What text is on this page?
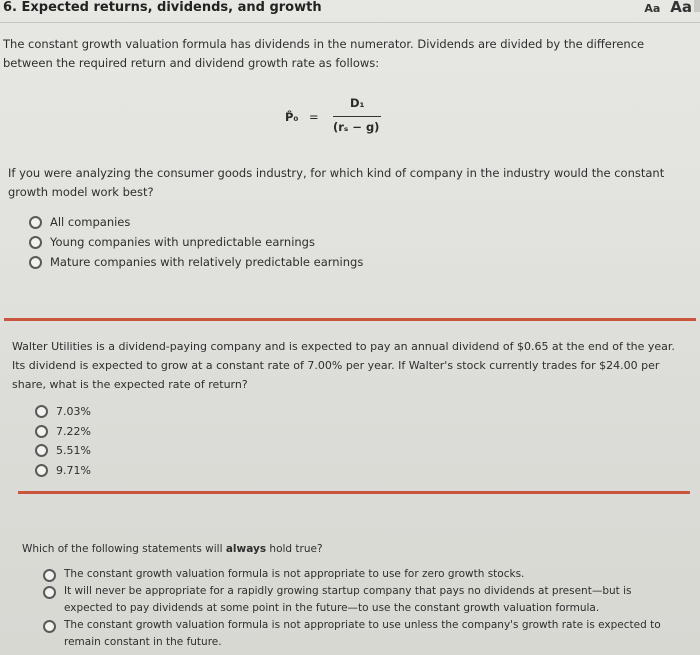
6. Expected returns, dividends, and growth	Aa Aa
The constant growth valuation formula has dividends in the numerator. Dividends are divided by the difference between the required return and dividend growth rate as follows:
P̂₀ =
D₁
(rₛ − g)
If you were analyzing the consumer goods industry, for which kind of company in the industry would the constant growth model work best?
All companies
Young companies with unpredictable earnings
Mature companies with relatively predictable earnings
Walter Utilities is a dividend-paying company and is expected to pay an annual dividend of $0.65 at the end of the year. Its dividend is expected to grow at a constant rate of 7.00% per year. If Walter's stock currently trades for $24.00 per share, what is the expected rate of return?
7.03%
7.22%
5.51%
9.71%
Which of the following statements will always hold true?
The constant growth valuation formula is not appropriate to use for zero growth stocks.
It will never be appropriate for a rapidly growing startup company that pays no dividends at present—but is expected to pay dividends at some point in the future—to use the constant growth valuation formula.
The constant growth valuation formula is not appropriate to use unless the company's growth rate is expected to remain constant in the future.
